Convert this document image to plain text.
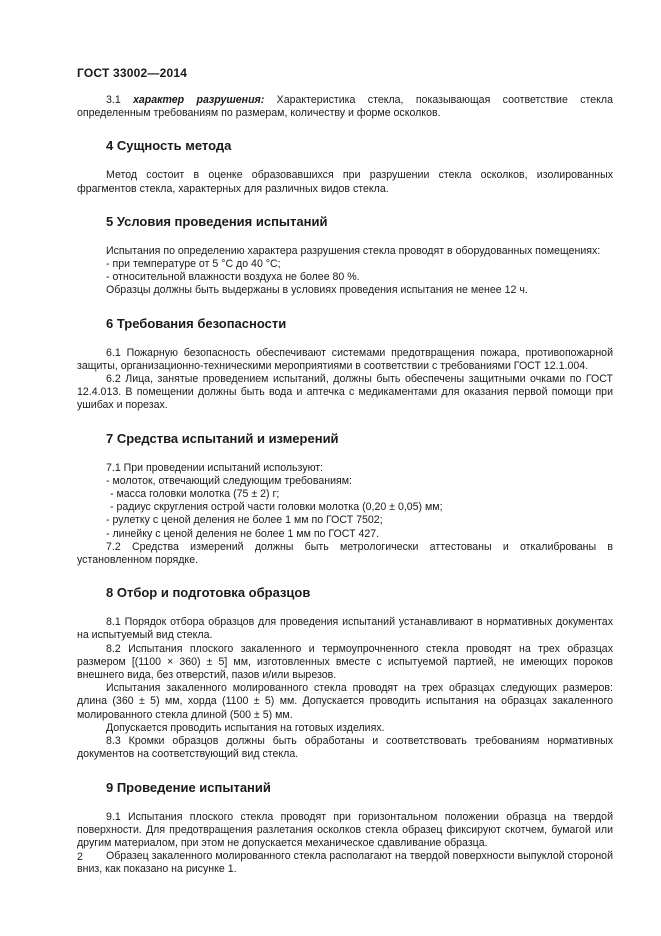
ГОСТ 33002—2014

3.1 характер разрушения: Характеристика стекла, показывающая соответствие стекла определенным требованиям по размерам, количеству и форме осколков.

4 Сущность метода

Метод состоит в оценке образовавшихся при разрушении стекла осколков, изолированных фрагментов стекла, характерных для различных видов стекла.

5 Условия проведения испытаний

Испытания по определению характера разрушения стекла проводят в оборудованных помещениях:

- при температуре от 5 °C до 40 °C;

- относительной влажности воздуха не более 80 %.

Образцы должны быть выдержаны в условиях проведения испытания не менее 12 ч.

6 Требования безопасности

6.1 Пожарную безопасность обеспечивают системами предотвращения пожара, противопожарной защиты, организационно-техническими мероприятиями в соответствии с требованиями ГОСТ 12.1.004.

6.2 Лица, занятые проведением испытаний, должны быть обеспечены защитными очками по ГОСТ 12.4.013. В помещении должны быть вода и аптечка с медикаментами для оказания первой помощи при ушибах и порезах.

7 Средства испытаний и измерений

7.1 При проведении испытаний используют:

- молоток, отвечающий следующим требованиям:

- масса головки молотка (75 ± 2) г;

- радиус скругления острой части головки молотка (0,20 ± 0,05) мм;

- рулетку с ценой деления не более 1 мм по ГОСТ 7502;

- линейку с ценой деления не более 1 мм по ГОСТ 427.

7.2 Средства измерений должны быть метрологически аттестованы и откалиброваны в установленном порядке.

8 Отбор и подготовка образцов

8.1 Порядок отбора образцов для проведения испытаний устанавливают в нормативных документах на испытуемый вид стекла.

8.2 Испытания плоского закаленного и термоупрочненного стекла проводят на трех образцах размером [(1100 × 360) ± 5] мм, изготовленных вместе с испытуемой партией, не имеющих пороков внешнего вида, без отверстий, пазов и/или вырезов.

Испытания закаленного молированного стекла проводят на трех образцах следующих размеров: длина (360 ± 5) мм, хорда (1100 ± 5) мм. Допускается проводить испытания на образцах закаленного молированного стекла длиной (500 ± 5) мм.

Допускается проводить испытания на готовых изделиях.

8.3 Кромки образцов должны быть обработаны и соответствовать требованиям нормативных документов на соответствующий вид стекла.

9 Проведение испытаний

9.1 Испытания плоского стекла проводят при горизонтальном положении образца на твердой поверхности. Для предотвращения разлетания осколков стекла образец фиксируют скотчем, бумагой или другим материалом, при этом не допускается механическое сдавливание образца.

Образец закаленного молированного стекла располагают на твердой поверхности выпуклой стороной вниз, как показано на рисунке 1.

2
